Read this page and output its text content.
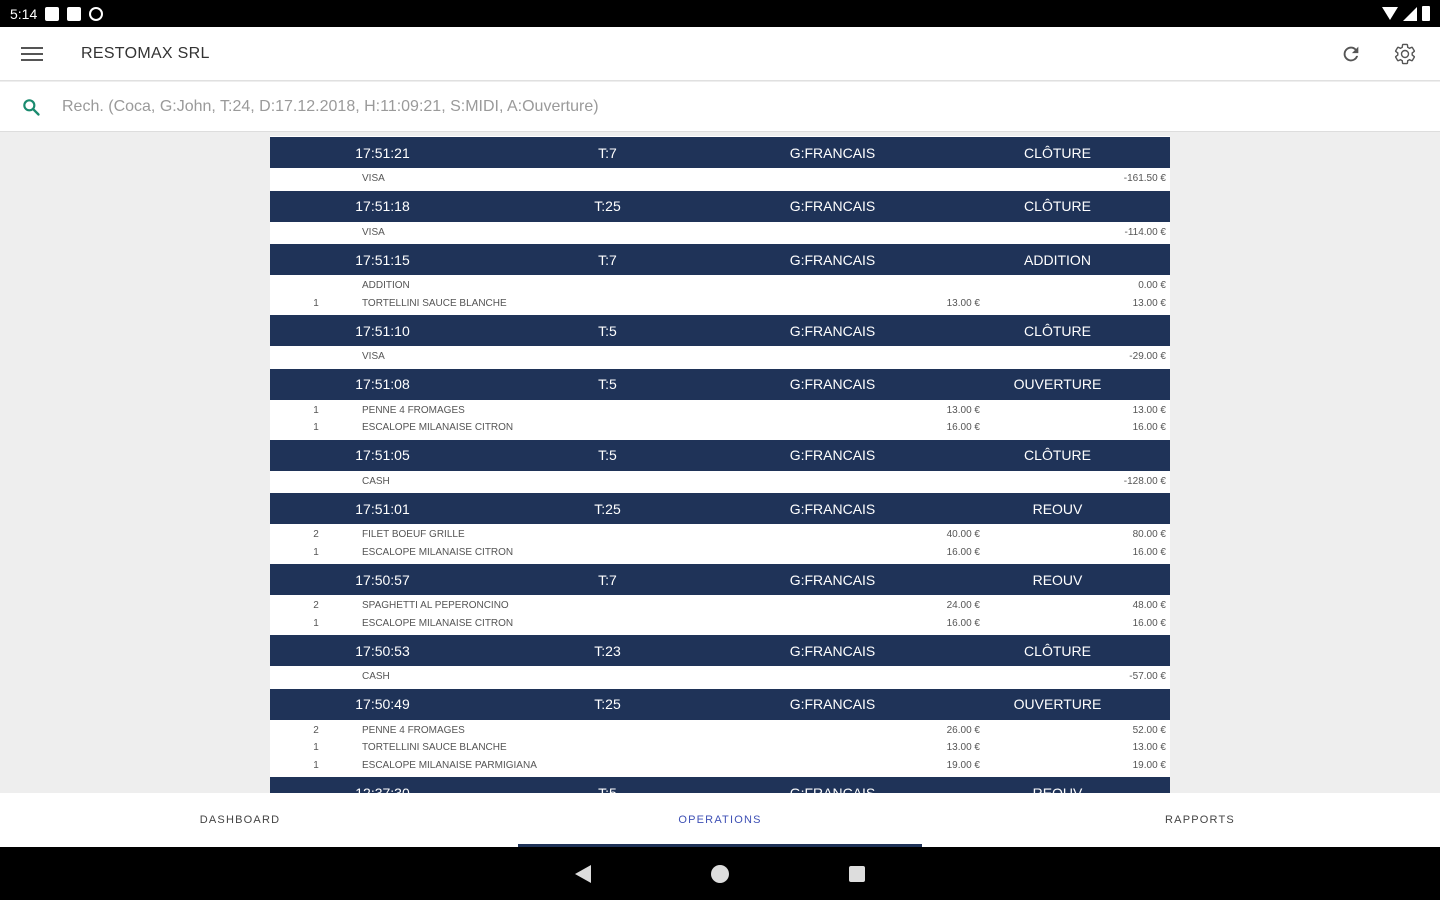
5:14
RESTOMAX SRL
Rech. (Coca, G:John, T:24, D:17.12.2018, H:11:09:21, S:MIDI, A:Ouverture)
17:51:21	T:7	G:FRANCAIS	CLÔTURE
VISA	-161.50 €
17:51:18	T:25	G:FRANCAIS	CLÔTURE
VISA	-114.00 €
17:51:15	T:7	G:FRANCAIS	ADDITION
ADDITION	0.00 €
1	TORTELLINI SAUCE BLANCHE	13.00 €	13.00 €
17:51:10	T:5	G:FRANCAIS	CLÔTURE
VISA	-29.00 €
17:51:08	T:5	G:FRANCAIS	OUVERTURE
1	PENNE 4 FROMAGES	13.00 €	13.00 €
1	ESCALOPE MILANAISE CITRON	16.00 €	16.00 €
17:51:05	T:5	G:FRANCAIS	CLÔTURE
CASH	-128.00 €
17:51:01	T:25	G:FRANCAIS	REOUV
2	FILET BOEUF GRILLE	40.00 €	80.00 €
1	ESCALOPE MILANAISE CITRON	16.00 €	16.00 €
17:50:57	T:7	G:FRANCAIS	REOUV
2	SPAGHETTI AL PEPERONCINO	24.00 €	48.00 €
1	ESCALOPE MILANAISE CITRON	16.00 €	16.00 €
17:50:53	T:23	G:FRANCAIS	CLÔTURE
CASH	-57.00 €
17:50:49	T:25	G:FRANCAIS	OUVERTURE
2	PENNE 4 FROMAGES	26.00 €	52.00 €
1	TORTELLINI SAUCE BLANCHE	13.00 €	13.00 €
1	ESCALOPE MILANAISE PARMIGIANA	19.00 €	19.00 €
DASHBOARD	OPERATIONS	RAPPORTS
